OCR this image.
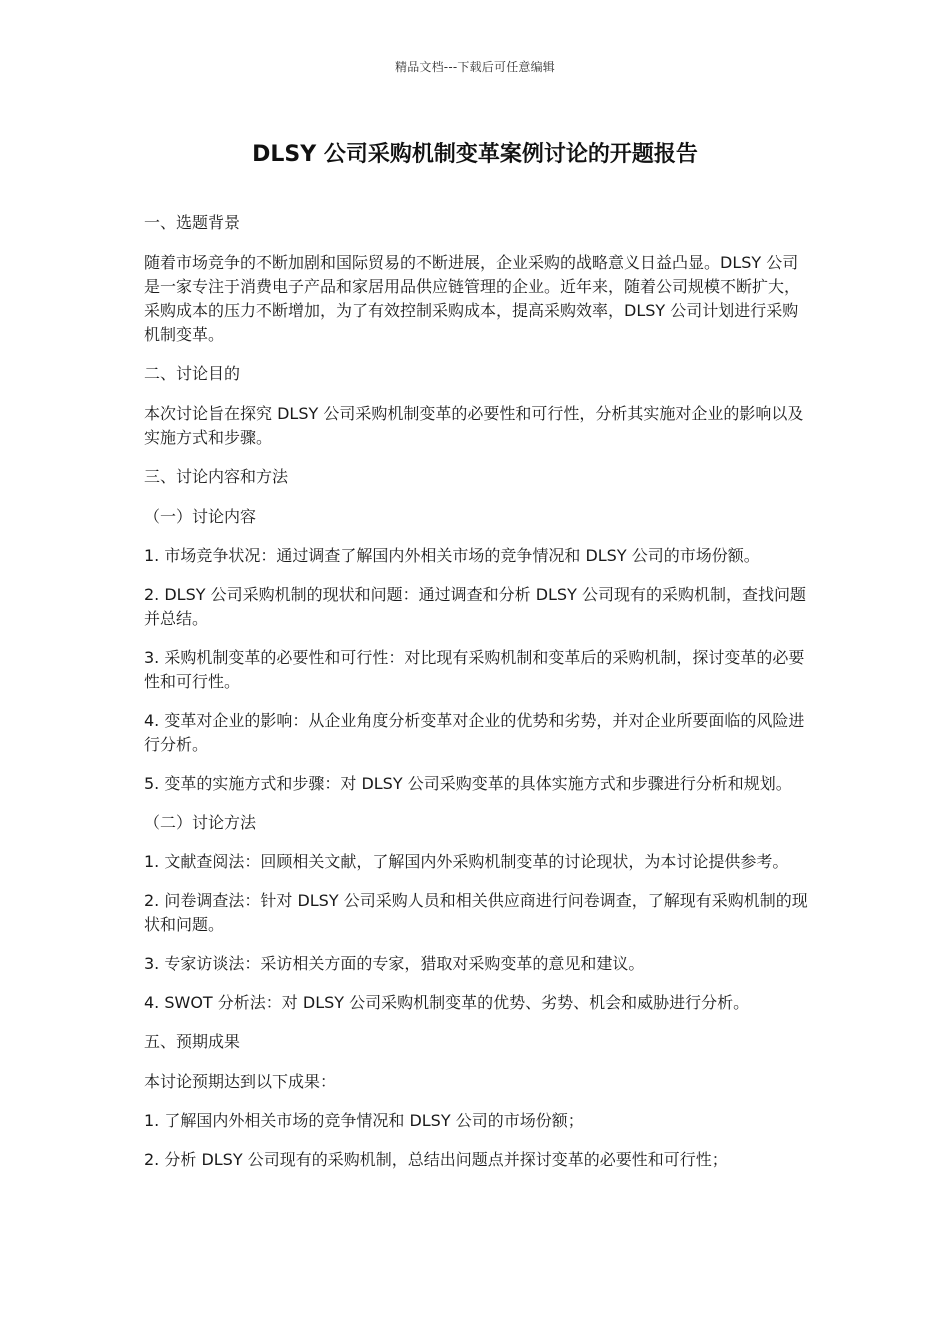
精品文档---下载后可任意编辑
DLSY 公司采购机制变革案例讨论的开题报告

一、选题背景

随着市场竞争的不断加剧和国际贸易的不断进展，企业采购的战略意义日益凸显。DLSY 公司是一家专注于消费电子产品和家居用品供应链管理的企业。近年来，随着公司规模不断扩大，采购成本的压力不断增加，为了有效控制采购成本，提高采购效率，DLSY 公司计划进行采购机制变革。

二、讨论目的

本次讨论旨在探究 DLSY 公司采购机制变革的必要性和可行性，分析其实施对企业的影响以及实施方式和步骤。

三、讨论内容和方法

（一）讨论内容

1. 市场竞争状况：通过调查了解国内外相关市场的竞争情况和 DLSY 公司的市场份额。

2. DLSY 公司采购机制的现状和问题：通过调查和分析 DLSY 公司现有的采购机制，查找问题并总结。

3. 采购机制变革的必要性和可行性：对比现有采购机制和变革后的采购机制，探讨变革的必要性和可行性。

4. 变革对企业的影响：从企业角度分析变革对企业的优势和劣势，并对企业所要面临的风险进行分析。

5. 变革的实施方式和步骤：对 DLSY 公司采购变革的具体实施方式和步骤进行分析和规划。

（二）讨论方法

1. 文献查阅法：回顾相关文献，了解国内外采购机制变革的讨论现状，为本讨论提供参考。

2. 问卷调查法：针对 DLSY 公司采购人员和相关供应商进行问卷调查，了解现有采购机制的现状和问题。

3. 专家访谈法：采访相关方面的专家，猎取对采购变革的意见和建议。

4. SWOT 分析法：对 DLSY 公司采购机制变革的优势、劣势、机会和威胁进行分析。

五、预期成果

本讨论预期达到以下成果：

1. 了解国内外相关市场的竞争情况和 DLSY 公司的市场份额；

2. 分析 DLSY 公司现有的采购机制，总结出问题点并探讨变革的必要性和可行性；
